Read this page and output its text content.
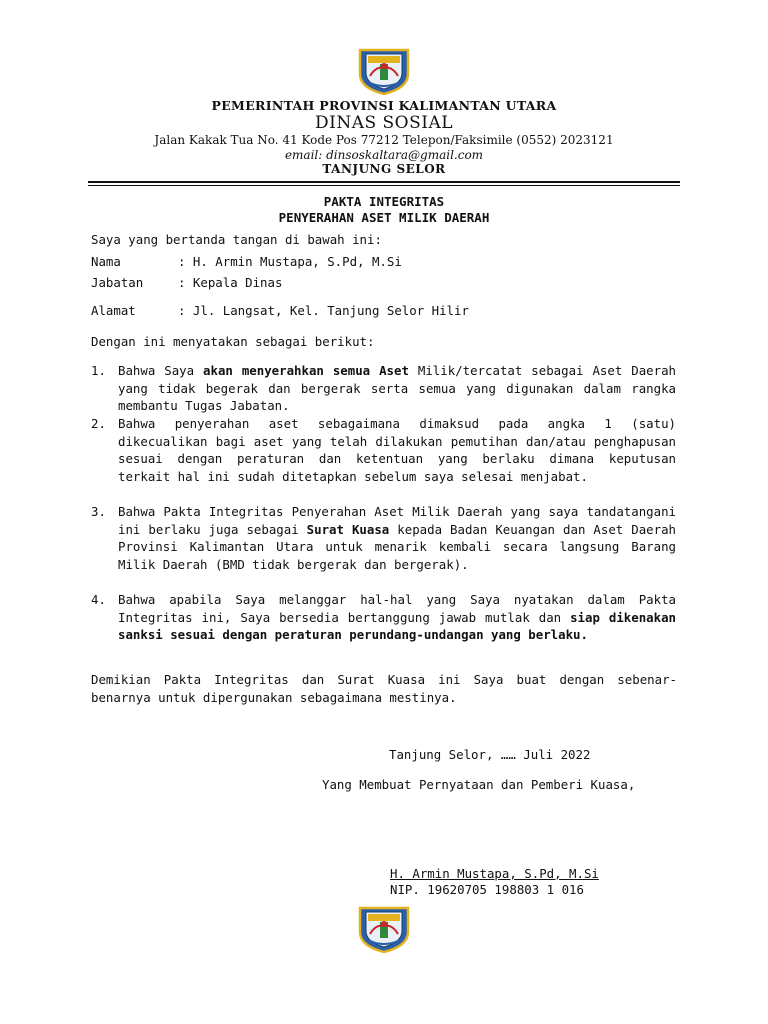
PEMERINTAH PROVINSI KALIMANTAN UTARA
DINAS SOSIAL
Jalan Kakak Tua No. 41 Kode Pos 77212 Telepon/Faksimile (0552) 2023121
email: dinsoskaltara@gmail.com
TANJUNG SELOR
PAKTA INTEGRITAS
PENYERAHAN ASET MILIK DAERAH
Saya yang bertanda tangan di bawah ini:
Nama	: H. Armin Mustapa, S.Pd, M.Si
Jabatan	: Kepala Dinas
Alamat	: Jl. Langsat, Kel. Tanjung Selor Hilir
Dengan ini menyatakan sebagai berikut:
1. Bahwa Saya akan menyerahkan semua Aset Milik/tercatat sebagai Aset Daerah yang tidak begerak dan bergerak serta semua yang digunakan dalam rangka membantu Tugas Jabatan.
2. Bahwa penyerahan aset sebagaimana dimaksud pada angka 1 (satu) dikecualikan bagi aset yang telah dilakukan pemutihan dan/atau penghapusan sesuai dengan peraturan dan ketentuan yang berlaku dimana keputusan terkait hal ini sudah ditetapkan sebelum saya selesai menjabat.
3. Bahwa Pakta Integritas Penyerahan Aset Milik Daerah yang saya tandatangani ini berlaku juga sebagai Surat Kuasa kepada Badan Keuangan dan Aset Daerah Provinsi Kalimantan Utara untuk menarik kembali secara langsung Barang Milik Daerah (BMD tidak bergerak dan bergerak).
4. Bahwa apabila Saya melanggar hal-hal yang Saya nyatakan dalam Pakta Integritas ini, Saya bersedia bertanggung jawab mutlak dan siap dikenakan sanksi sesuai dengan peraturan perundang-undangan yang berlaku.
Demikian Pakta Integritas dan Surat Kuasa ini Saya buat dengan sebenar-benarnya untuk dipergunakan sebagaimana mestinya.
Tanjung Selor, …… Juli 2022
Yang Membuat Pernyataan dan Pemberi Kuasa,
H. Armin Mustapa, S.Pd, M.Si
NIP. 19620705 198803 1 016
